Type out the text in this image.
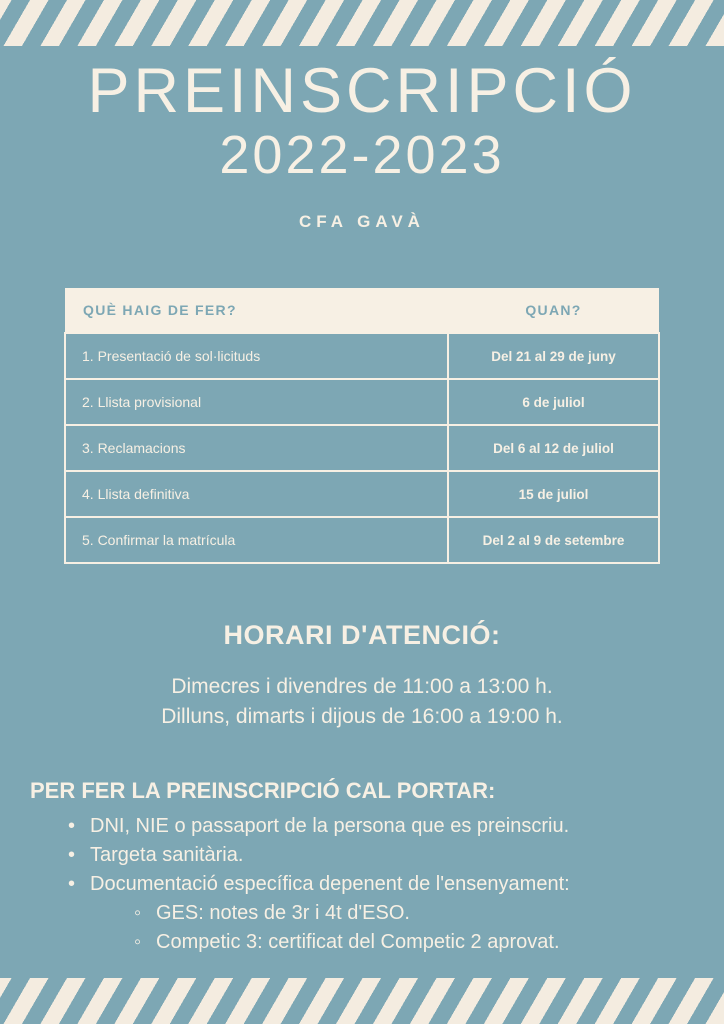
PREINSCRIPCIÓ
2022-2023
CFA GAVÀ
QUÈ HAIG DE FER?	QUAN?
1. Presentació de sol·licituds	Del 21 al 29 de juny
2. Llista provisional	6 de juliol
3. Reclamacions	Del 6 al 12 de juliol
4. Llista definitiva	15 de juliol
5. Confirmar la matrícula	Del 2 al 9 de setembre
HORARI D'ATENCIÓ:
Dimecres i divendres de 11:00 a 13:00 h.
Dilluns, dimarts i dijous de 16:00 a 19:00 h.
PER FER LA PREINSCRIPCIÓ CAL PORTAR:
• DNI, NIE o passaport de la persona que es preinscriu.
• Targeta sanitària.
• Documentació específica depenent de l'ensenyament:
◦ GES: notes de 3r i 4t d'ESO.
◦ Competic 3: certificat del Competic 2 aprovat.
